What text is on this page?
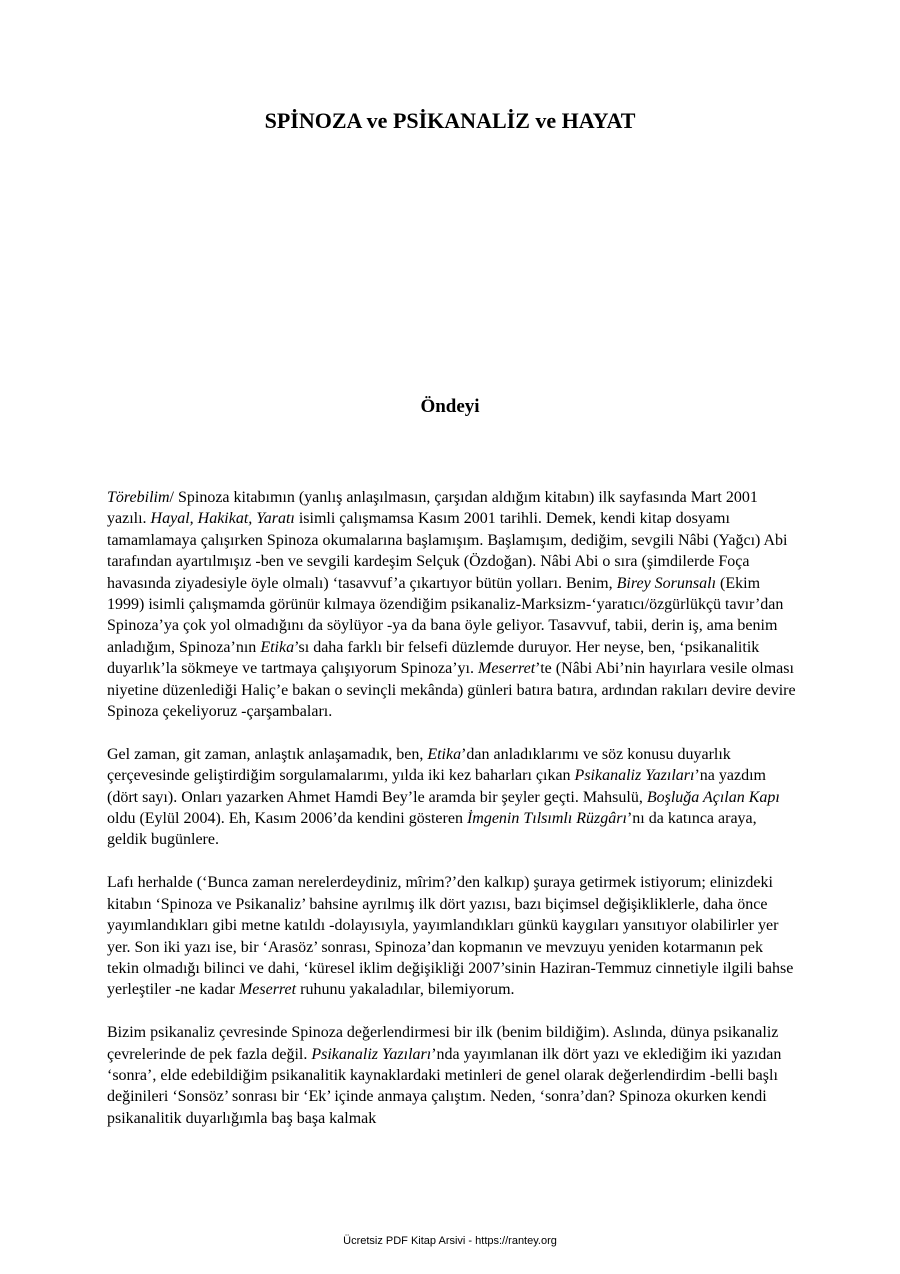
SPİNOZA ve PSİKANALİZ ve HAYAT
Öndeyi

Törebilim/ Spinoza kitabımın (yanlış anlaşılmasın, çarşıdan aldığım kitabın) ilk sayfasında Mart 2001 yazılı. Hayal, Hakikat, Yaratı isimli çalışmamsa Kasım 2001 tarihli. Demek, kendi kitap dosyamı tamamlamaya çalışırken Spinoza okumalarına başlamışım. Başlamışım, dediğim, sevgili Nâbi (Yağcı) Abi tarafından ayartılmışız -ben ve sevgili kardeşim Selçuk (Özdoğan). Nâbi Abi o sıra (şimdilerde Foça havasında ziyadesiyle öyle olmalı) ‘tasavvuf’a çıkartıyor bütün yolları. Benim, Birey Sorunsalı (Ekim 1999) isimli çalışmamda görünür kılmaya özendiğim psikanaliz-Marksizm-‘yaratıcı/özgürlükçü tavır’dan Spinoza’ya çok yol olmadığını da söylüyor -ya da bana öyle geliyor. Tasavvuf, tabii, derin iş, ama benim anladığım, Spinoza’nın Etika’sı daha farklı bir felsefi düzlemde duruyor. Her neyse, ben, ‘psikanalitik duyarlık’la sökmeye ve tartmaya çalışıyorum Spinoza’yı. Meserret’te (Nâbi Abi’nin hayırlara vesile olması niyetine düzenlediği Haliç’e bakan o sevinçli mekânda) günleri batıra batıra, ardından rakıları devire devire Spinoza çekeliyoruz -çarşambaları.

Gel zaman, git zaman, anlaştık anlaşamadık, ben, Etika’dan anladıklarımı ve söz konusu duyarlık çerçevesinde geliştirdiğim sorgulamalarımı, yılda iki kez baharları çıkan Psikanaliz Yazıları’na yazdım (dört sayı). Onları yazarken Ahmet Hamdi Bey’le aramda bir şeyler geçti. Mahsulü, Boşluğa Açılan Kapı oldu (Eylül 2004). Eh, Kasım 2006’da kendini gösteren İmgenin Tılsımlı Rüzgârı’nı da katınca araya, geldik bugünlere.

Lafı herhalde (‘Bunca zaman nerelerdeydiniz, mîrim?’den kalkıp) şuraya getirmek istiyorum; elinizdeki kitabın ‘Spinoza ve Psikanaliz’ bahsine ayrılmış ilk dört yazısı, bazı biçimsel değişikliklerle, daha önce yayımlandıkları gibi metne katıldı -dolayısıyla, yayımlandıkları günkü kaygıları yansıtıyor olabilirler yer yer. Son iki yazı ise, bir ‘Arasöz’ sonrası, Spinoza’dan kopmanın ve mevzuyu yeniden kotarmanın pek tekin olmadığı bilinci ve dahi, ‘küresel iklim değişikliği 2007’sinin Haziran-Temmuz cinnetiyle ilgili bahse yerleştiler -ne kadar Meserret ruhunu yakaladılar, bilemiyorum.

Bizim psikanaliz çevresinde Spinoza değerlendirmesi bir ilk (benim bildiğim). Aslında, dünya psikanaliz çevrelerinde de pek fazla değil. Psikanaliz Yazıları’nda yayımlanan ilk dört yazı ve eklediğim iki yazıdan ‘sonra’, elde edebildiğim psikanalitik kaynaklardaki metinleri de genel olarak değerlendirdim -belli başlı değinileri ‘Sonsöz’ sonrası bir ‘Ek’ içinde anmaya çalıştım. Neden, ‘sonra’dan? Spinoza okurken kendi psikanalitik duyarlığımla baş başa kalmak

Ücretsiz PDF Kitap Arsivi - https://rantey.org
